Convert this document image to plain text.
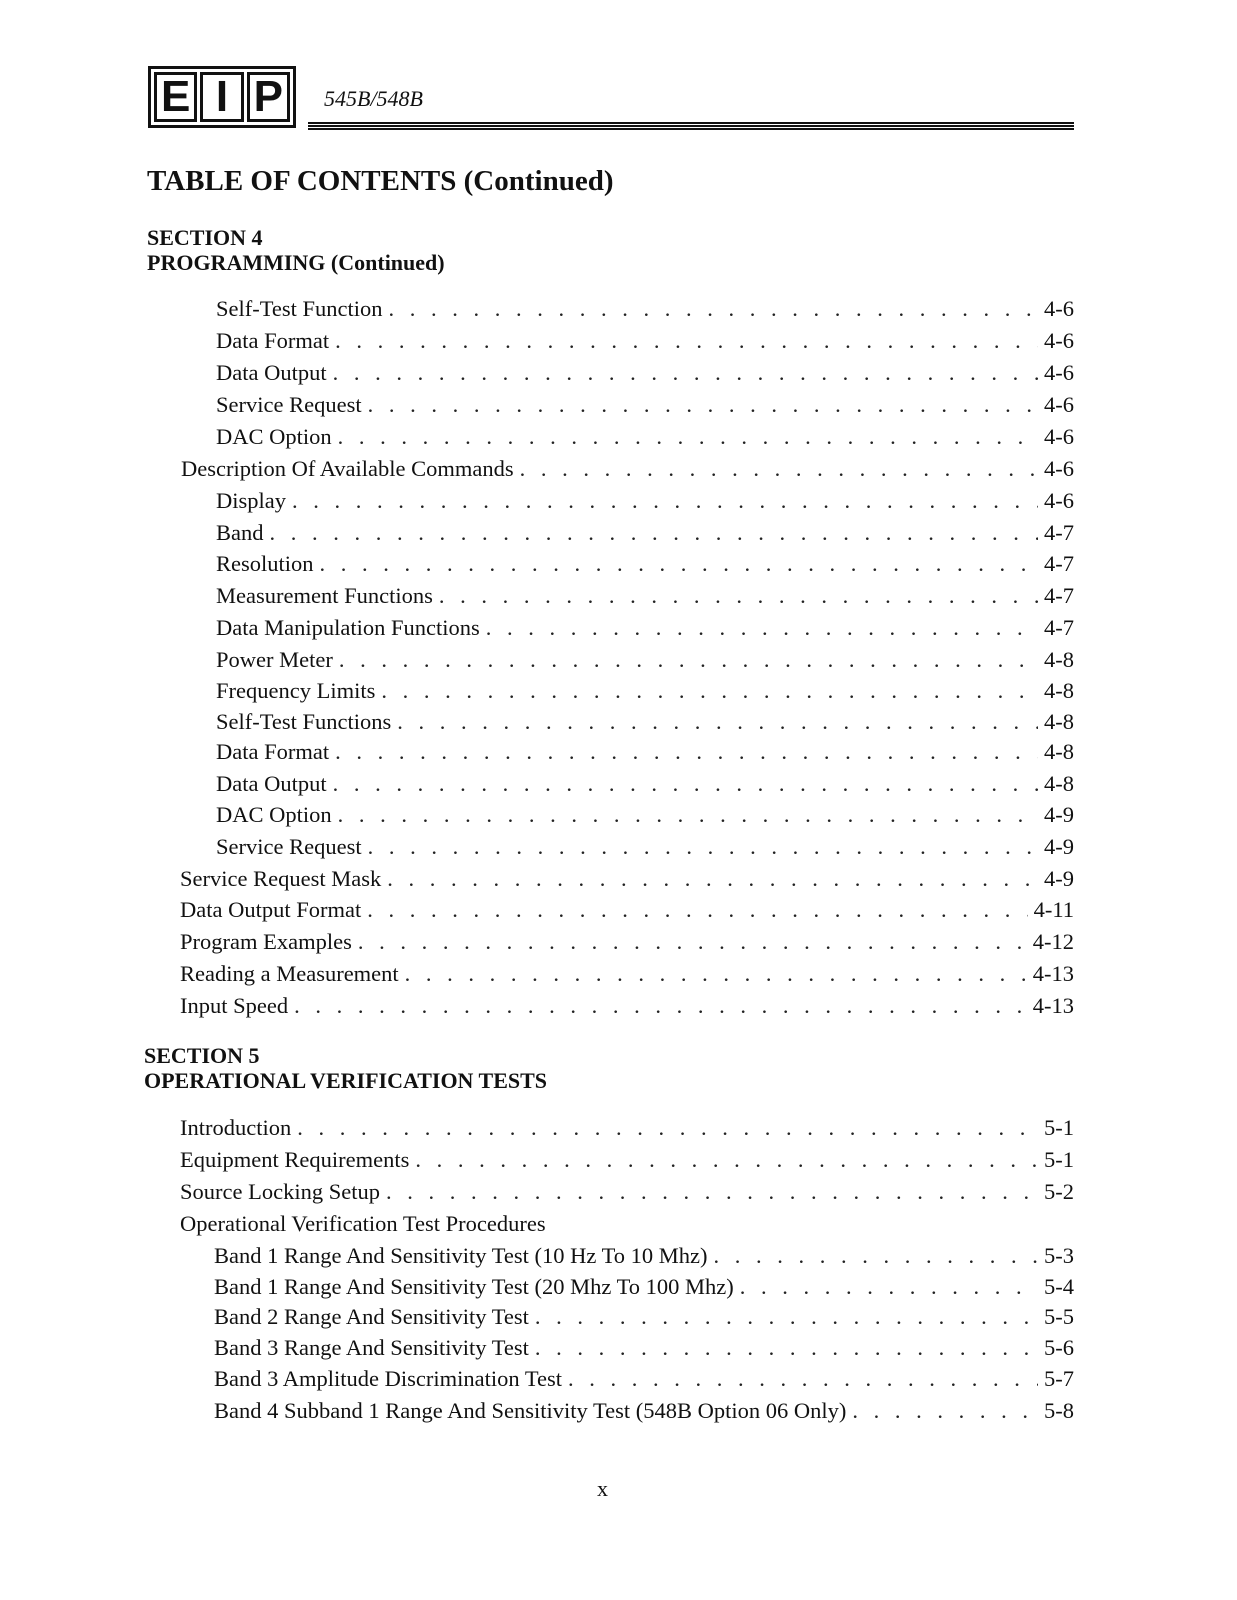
E I P	545B/548B
TABLE OF CONTENTS (Continued)
SECTION 4
PROGRAMMING (Continued)
Self-Test Function . . .	4-6
Data Format . . .	4-6
Data Output . . .	4-6
Service Request . . .	4-6
DAC Option . . .	4-6
Description Of Available Commands . . .	4-6
Display . . .	4-6
Band . . .	4-7
Resolution . . .	4-7
Measurement Functions . . .	4-7
Data Manipulation Functions . . .	4-7
Power Meter . . .	4-8
Frequency Limits . . .	4-8
Self-Test Functions . . .	4-8
Data Format . . .	4-8
Data Output . . .	4-8
DAC Option . . .	4-9
Service Request . . .	4-9
Service Request Mask . . .	4-9
Data Output Format . . .	4-11
Program Examples . . .	4-12
Reading a Measurement . . .	4-13
Input Speed . . .	4-13
SECTION 5
OPERATIONAL VERIFICATION TESTS
Introduction . . .	5-1
Equipment Requirements . . .	5-1
Source Locking Setup . . .	5-2
Operational Verification Test Procedures
Band 1 Range And Sensitivity Test (10 Hz To 10 Mhz) . . .	5-3
Band 1 Range And Sensitivity Test (20 Mhz To 100 Mhz) . . .	5-4
Band 2 Range And Sensitivity Test . . .	5-5
Band 3 Range And Sensitivity Test . . .	5-6
Band 3 Amplitude Discrimination Test . . .	5-7
Band 4 Subband 1 Range And Sensitivity Test (548B Option 06 Only) . . .	5-8
x
